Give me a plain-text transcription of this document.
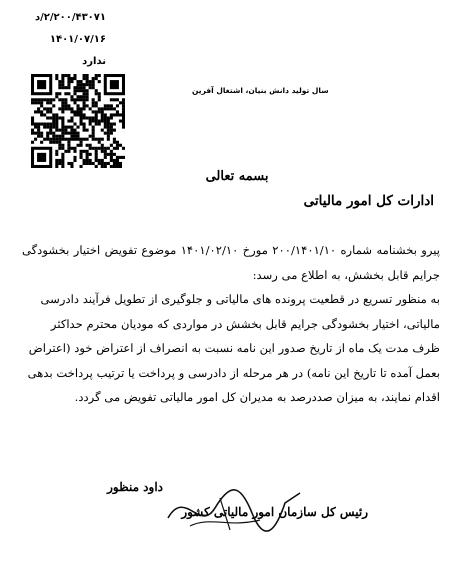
۲/۲۰۰/۴۳۰۷۱/د
۱۴۰۱/۰۷/۱۶
ندارد
سال تولید دانش بنیان، اشتغال آفرین
بسمه تعالی
ادارات کل امور مالیاتی

پیرو بخشنامه شماره ۲۰۰/۱۴۰۱/۱۰ مورخ ۱۴۰۱/۰۲/۱۰ موضوع تفویض اختیار بخشودگی جرایم قابل بخشش، به اطلاع می رسد:

به منظور تسریع در قطعیت پرونده های مالیاتی و جلوگیری از تطویل فرآیند دادرسی مالیاتی، اختیار بخشودگی جرایم قابل بخشش در مواردی که مودیان محترم حداکثر ظرف مدت یک ماه از تاریخ صدور این نامه نسبت به انصراف از اعتراض خود (اعتراض بعمل آمده تا تاریخ این نامه) در هر مرحله از دادرسی و پرداخت یا ترتیب پرداخت بدهی اقدام نمایند، به میزان صددرصد به مدیران کل امور مالیاتی تفویض می گردد.

داود منظور
رئیس کل سازمان امور مالیاتی کشور
